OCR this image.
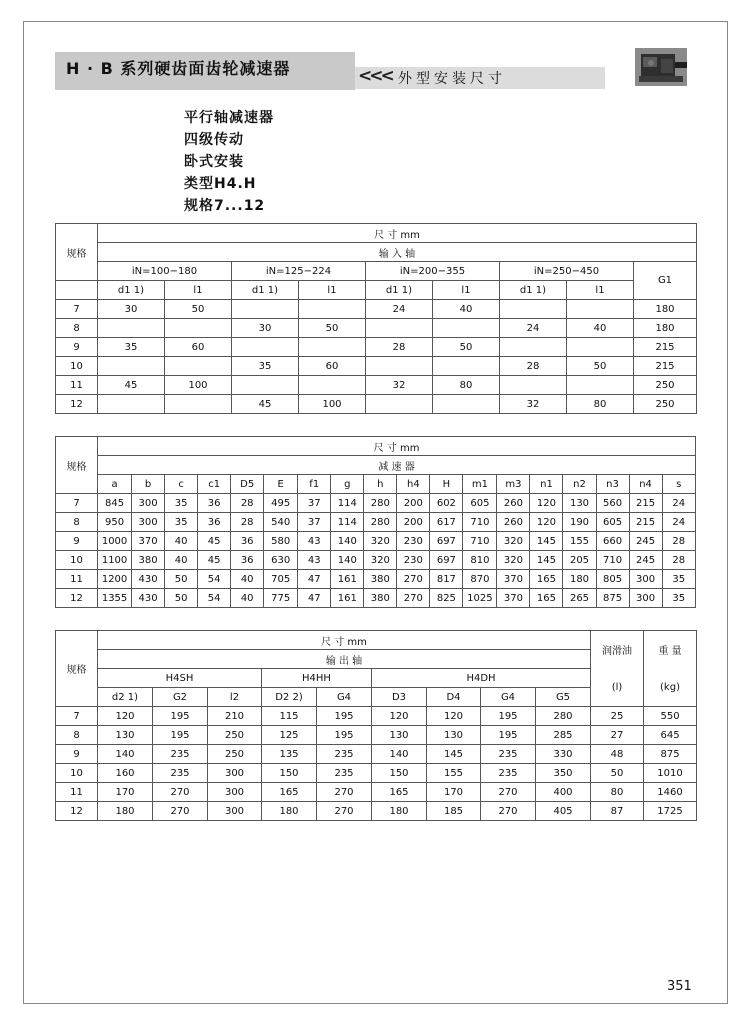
H · B 系列硬齿面齿轮减速器	<<< 外型安装尺寸
平行轴减速器
四级传动
卧式安装
类型H4.H
规格7...12
规格	尺 寸 mm								
	输 入 轴								
	iN=100−180		iN=125−224		iN=200−355		iN=250−450		G1
	d1 1)	l1	d1 1)	l1	d1 1)	l1	d1 1)	l1	
7	30	50			24	40			180
8			30	50			24	40	180
9	35	60			28	50			215
10			35	60			28	50	215
11	45	100			32	80			250
12			45	100			32	80	250
规格	尺 寸 mm																	
	减 速 器																	
	a	b	c	c1	D5	E	f1	g	h	h4	H	m1	m3	n1	n2	n3	n4	s
7	845	300	35	36	28	495	37	114	280	200	602	605	260	120	130	560	215	24
8	950	300	35	36	28	540	37	114	280	200	617	710	260	120	190	605	215	24
9	1000	370	40	45	36	580	43	140	320	230	697	710	320	145	155	660	245	28
10	1100	380	40	45	36	630	43	140	320	230	697	810	320	145	205	710	245	28
11	1200	430	50	54	40	705	47	161	380	270	817	870	370	165	180	805	300	35
12	1355	430	50	54	40	775	47	161	380	270	825	1025	370	165	265	875	300	35
规格	尺 寸 mm									润滑油	重 量
	输 出 轴										
	H4SH			H4HH		H4DH				(l)	(kg)
	d2 1)	G2	l2	D2 2)	G4	D3	D4	G4	G5		
7	120	195	210	115	195	120	120	195	280	25	550
8	130	195	250	125	195	130	130	195	285	27	645
9	140	235	250	135	235	140	145	235	330	48	875
10	160	235	300	150	235	150	155	235	350	50	1010
11	170	270	300	165	270	165	170	270	400	80	1460
12	180	270	300	180	270	180	185	270	405	87	1725
351
